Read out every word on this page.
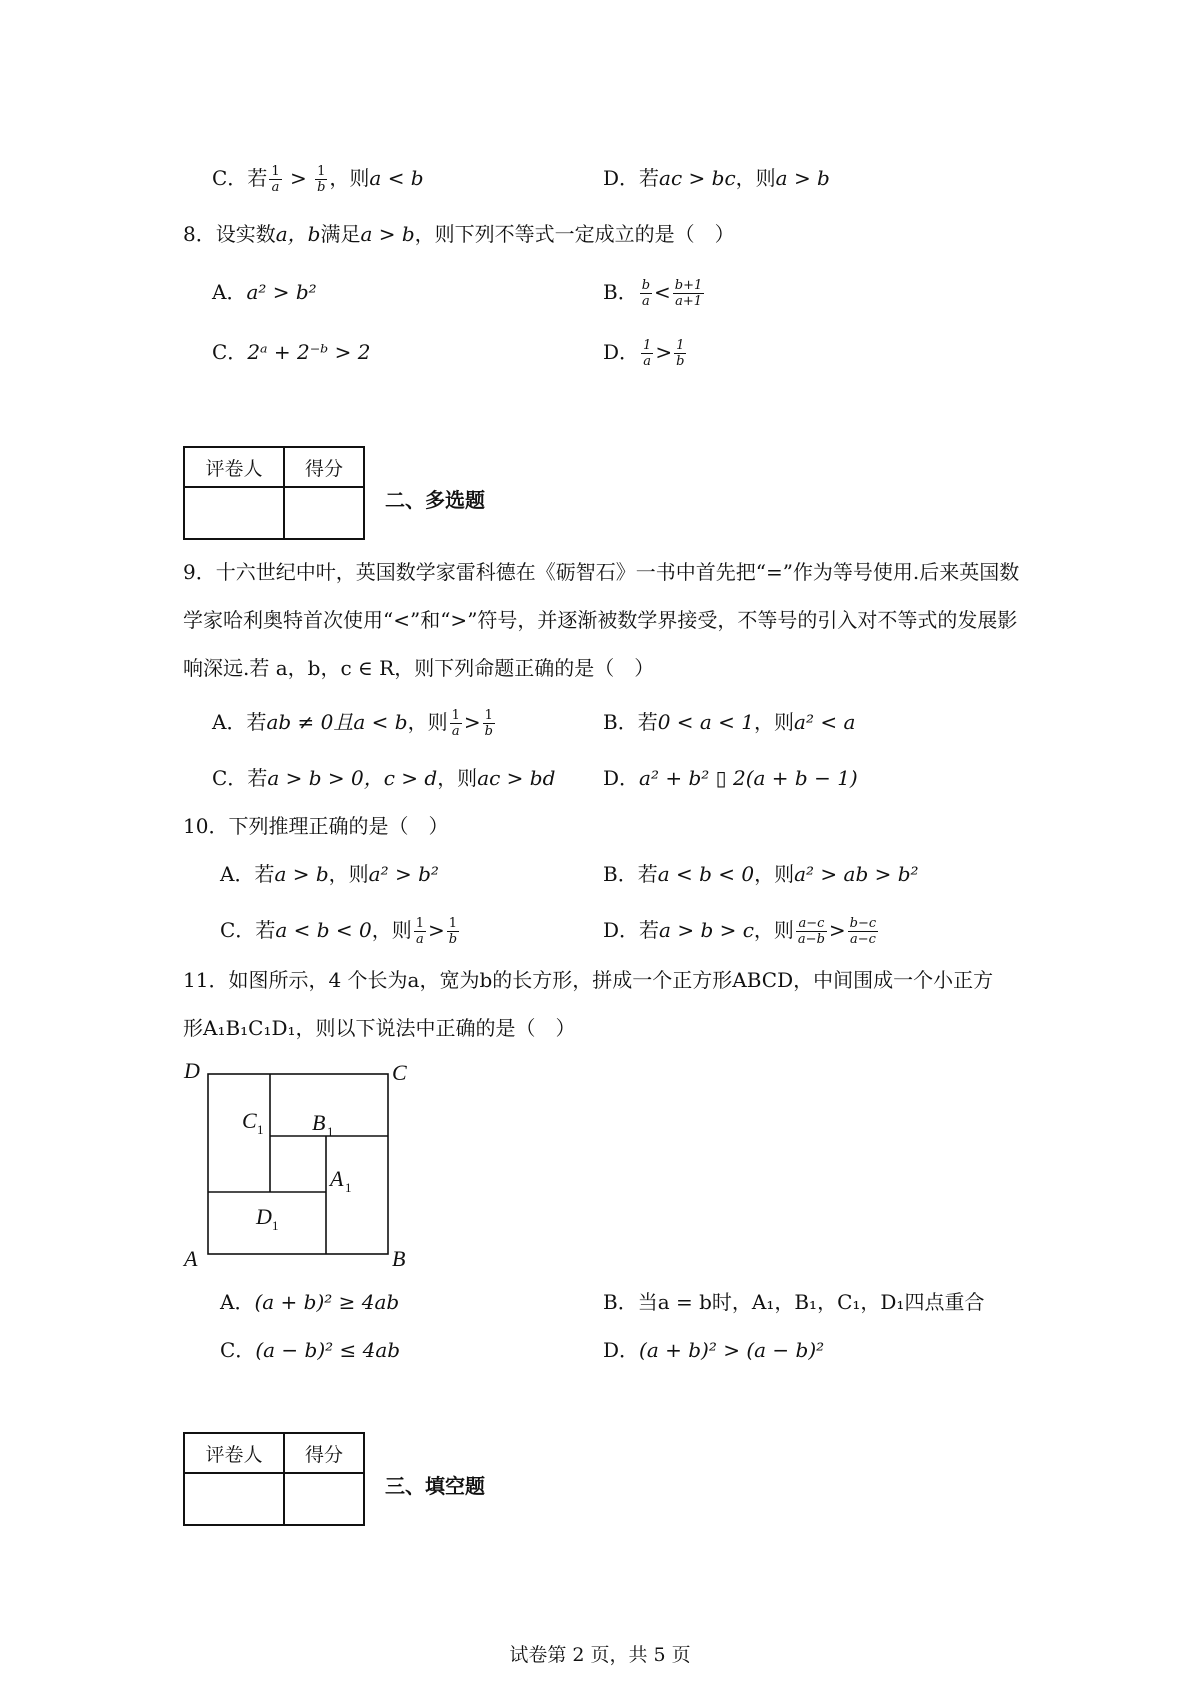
C．若 $\frac{1}{a} > \frac{1}{b}$ ，则a < b	D．若ac > bc，则a > b
8．设实数a，b满足a > b，则下列不等式一定成立的是（　）
A．a² > b²	B． $\frac{b}{a} < \frac{b+1}{a+1}$
C．2ᵃ + 2⁻ᵇ > 2	D． $\frac{1}{a} > \frac{1}{b}$
评卷人	得分

二、多选题
9．十六世纪中叶，英国数学家雷科德在《砺智石》一书中首先把“=”作为等号使用.后来英国数学家哈利奥特首次使用“<”和“>”符号，并逐渐被数学界接受，不等号的引入对不等式的发展影响深远.若 a，b，c ∈ R，则下列命题正确的是（　）
A．若ab ≠ 0且a < b，则 $\frac{1}{a} > \frac{1}{b}$	B．若0 < a < 1，则a² < a
C．若a > b > 0，c > d，则ac > bd D．a² + b² ▯ 2(a + b − 1)
10．下列推理正确的是（　）
A．若a > b，则a² > b²	B．若a < b < 0，则a² > ab > b²
C．若a < b < 0，则 $\frac{1}{a} > \frac{1}{b}$	D．若a > b > c，则 $\frac{a-c}{a-b} > \frac{b-c}{a-c}$
11．如图所示，4 个长为a，宽为b的长方形，拼成一个正方形ABCD，中间围成一个小正方
形A₁B₁C₁D₁，则以下说法中正确的是（　）
D	C
A	B
C	B
A
D
1	1
1
1
A．(a + b)² ≥ 4ab	B．当a = b时，A₁，B₁，C₁，D₁四点重合
C．(a − b)² ≤ 4ab	D．(a + b)² > (a − b)²
评卷人	得分

三、填空题
试卷第 2 页，共 5 页
